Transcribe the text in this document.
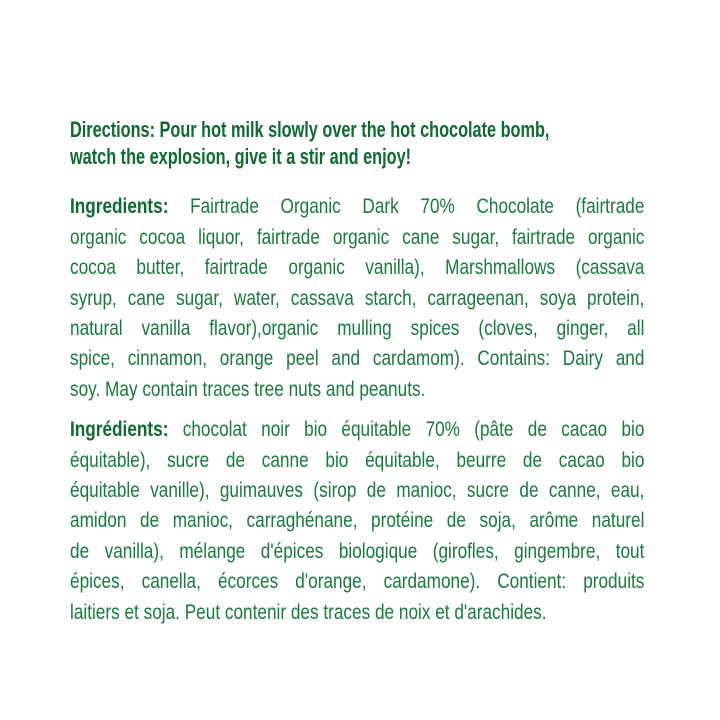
Directions: Pour hot milk slowly over the hot chocolate bomb,
watch the explosion, give it a stir and enjoy!
Ingredients: Fairtrade Organic Dark 70% Chocolate (fairtrade
organic cocoa liquor, fairtrade organic cane sugar, fairtrade organic
cocoa butter, fairtrade organic vanilla), Marshmallows (cassava
syrup, cane sugar, water, cassava starch, carrageenan, soya protein,
natural vanilla flavor),organic mulling spices (cloves, ginger, all
spice, cinnamon, orange peel and cardamom). Contains: Dairy and
soy. May contain traces tree nuts and peanuts.
Ingrédients: chocolat noir bio équitable 70% (pâte de cacao bio
équitable), sucre de canne bio équitable, beurre de cacao bio
équitable vanille), guimauves (sirop de manioc, sucre de canne, eau,
amidon de manioc, carraghénane, protéine de soja, arôme naturel
de vanilla), mélange d'épices biologique (girofles, gingembre, tout
épices, canella, écorces d'orange, cardamone). Contient: produits
laitiers et soja. Peut contenir des traces de noix et d'arachides.
